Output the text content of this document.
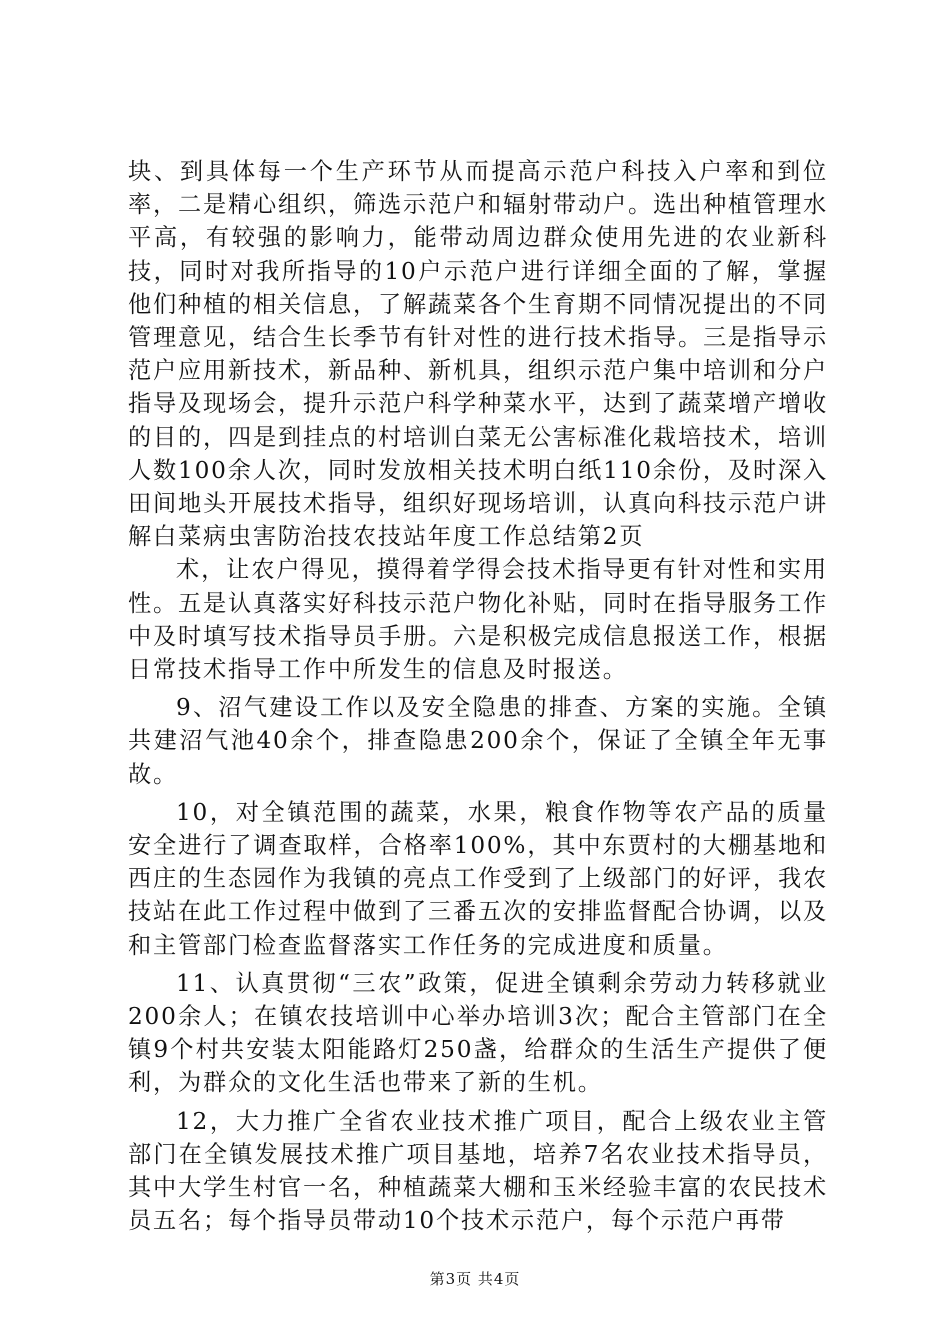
块、到具体每一个生产环节从而提高示范户科技入户率和到位率，二是精心组织，筛选示范户和辐射带动户。选出种植管理水平高，有较强的影响力，能带动周边群众使用先进的农业新科技，同时对我所指导的10户示范户进行详细全面的了解，掌握他们种植的相关信息，了解蔬菜各个生育期不同情况提出的不同管理意见，结合生长季节有针对性的进行技术指导。三是指导示范户应用新技术，新品种、新机具，组织示范户集中培训和分户指导及现场会，提升示范户科学种菜水平，达到了蔬菜增产增收的目的，四是到挂点的村培训白菜无公害标准化栽培技术，培训人数100余人次，同时发放相关技术明白纸110余份，及时深入田间地头开展技术指导，组织好现场培训，认真向科技示范户讲解白菜病虫害防治技农技站年度工作总结第2页

术，让农户得见，摸得着学得会技术指导更有针对性和实用性。五是认真落实好科技示范户物化补贴，同时在指导服务工作中及时填写技术指导员手册。六是积极完成信息报送工作，根据日常技术指导工作中所发生的信息及时报送。

9、沼气建设工作以及安全隐患的排查、方案的实施。全镇共建沼气池40余个，排查隐患200余个，保证了全镇全年无事故。

10，对全镇范围的蔬菜，水果，粮食作物等农产品的质量安全进行了调查取样，合格率100%，其中东贾村的大棚基地和西庄的生态园作为我镇的亮点工作受到了上级部门的好评，我农技站在此工作过程中做到了三番五次的安排监督配合协调，以及和主管部门检查监督落实工作任务的完成进度和质量。

11、认真贯彻“三农”政策，促进全镇剩余劳动力转移就业200余人；在镇农技培训中心举办培训3次；配合主管部门在全镇9个村共安装太阳能路灯250盏，给群众的生活生产提供了便利，为群众的文化生活也带来了新的生机。

12，大力推广全省农业技术推广项目，配合上级农业主管部门在全镇发展技术推广项目基地，培养7名农业技术指导员，其中大学生村官一名，种植蔬菜大棚和玉米经验丰富的农民技术员五名；每个指导员带动10个技术示范户，每个示范户再带

第3页 共4页
